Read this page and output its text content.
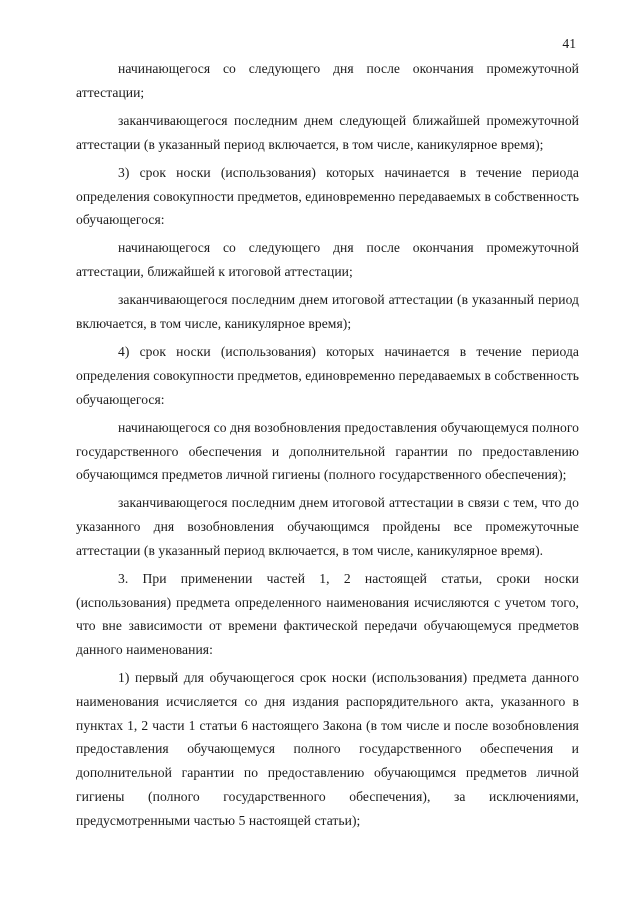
41

начинающегося со следующего дня после окончания промежуточной аттестации;

заканчивающегося последним днем следующей ближайшей промежуточной аттестации (в указанный период включается, в том числе, каникулярное время);

3) срок носки (использования) которых начинается в течение периода определения совокупности предметов, единовременно передаваемых в собственность обучающегося:

начинающегося со следующего дня после окончания промежуточной аттестации, ближайшей к итоговой аттестации;

заканчивающегося последним днем итоговой аттестации (в указанный период включается, в том числе, каникулярное время);

4) срок носки (использования) которых начинается в течение периода определения совокупности предметов, единовременно передаваемых в собственность обучающегося:

начинающегося со дня возобновления предоставления обучающемуся полного государственного обеспечения и дополнительной гарантии по предоставлению обучающимся предметов личной гигиены (полного государственного обеспечения);

заканчивающегося последним днем итоговой аттестации в связи с тем, что до указанного дня возобновления обучающимся пройдены все промежуточные аттестации (в указанный период включается, в том числе, каникулярное время).

3. При применении частей 1, 2 настоящей статьи, сроки носки (использования) предмета определенного наименования исчисляются с учетом того, что вне зависимости от времени фактической передачи обучающемуся предметов данного наименования:

1) первый для обучающегося срок носки (использования) предмета данного наименования исчисляется со дня издания распорядительного акта, указанного в пунктах 1, 2 части 1 статьи 6 настоящего Закона (в том числе и после возобновления предоставления обучающемуся полного государственного обеспечения и дополнительной гарантии по предоставлению обучающимся предметов личной гигиены (полного государственного обеспечения), за исключениями, предусмотренными частью 5 настоящей статьи);
